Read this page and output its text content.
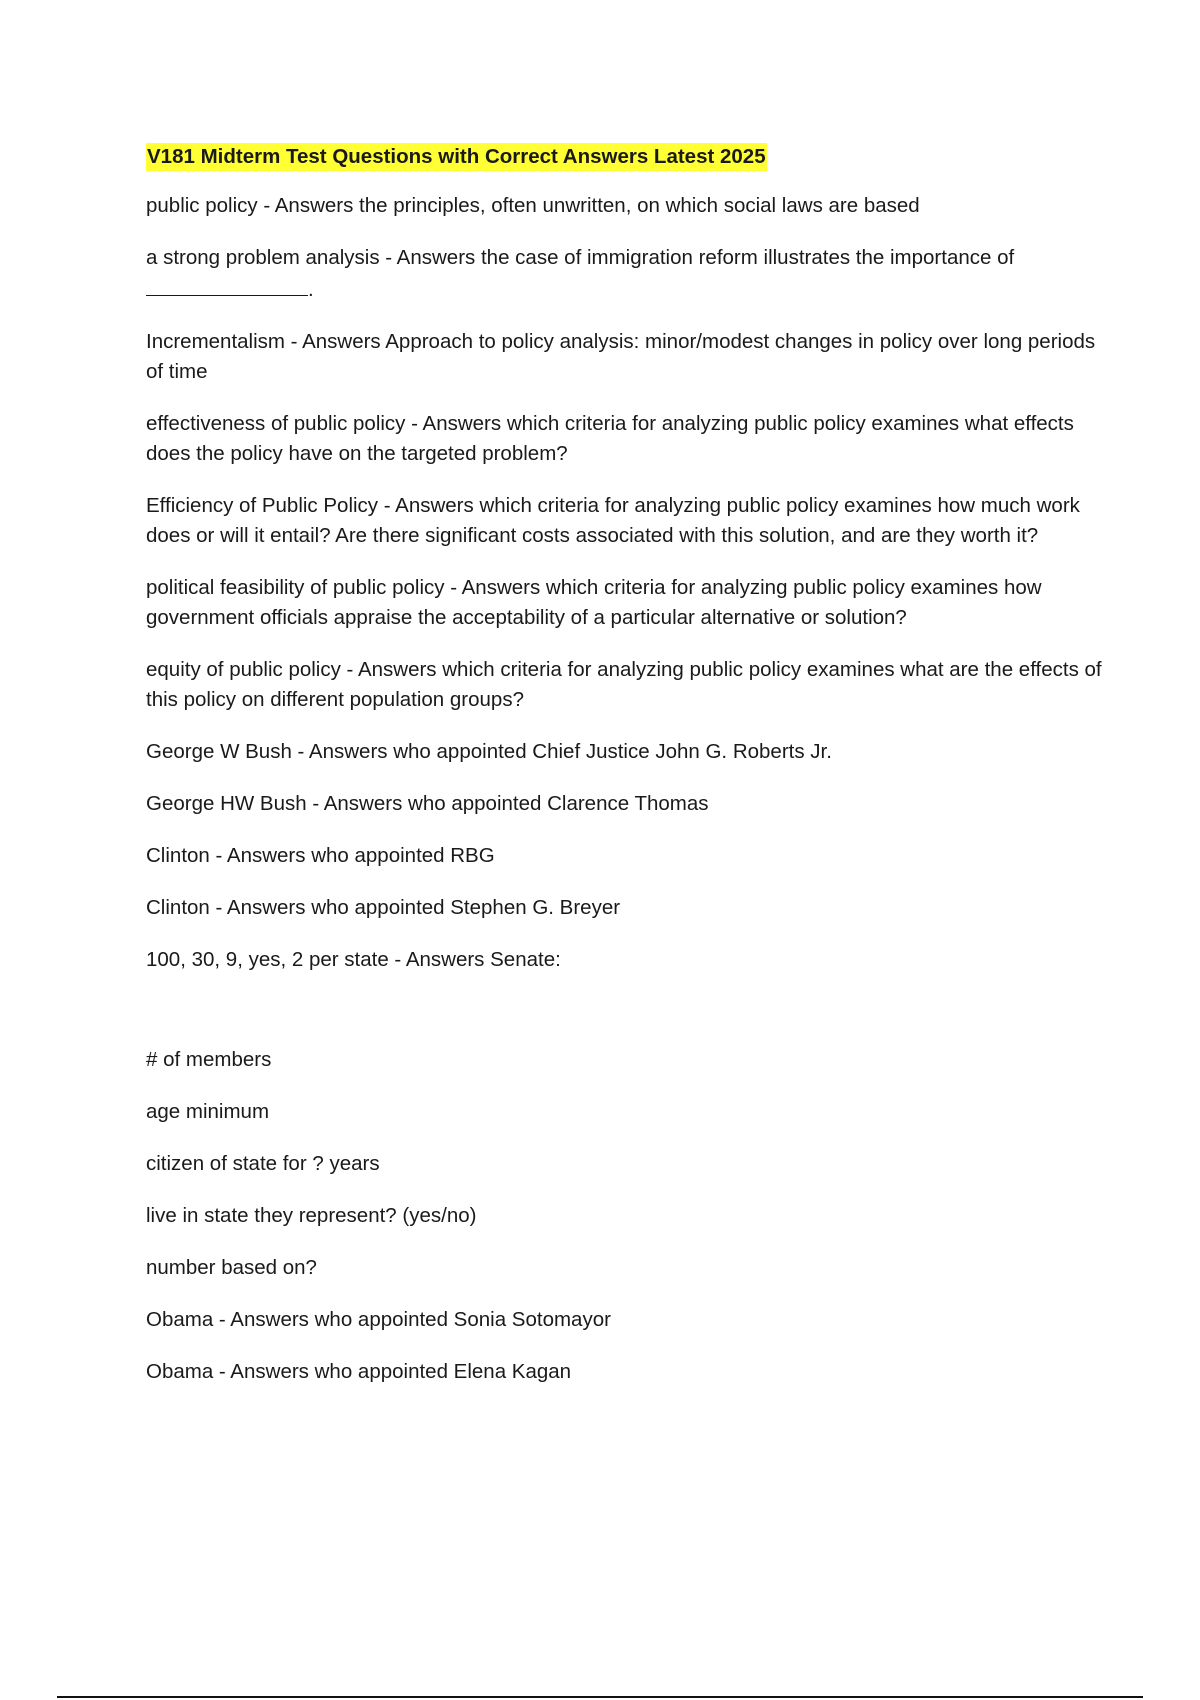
V181 Midterm Test Questions with Correct Answers Latest 2025

public policy - Answers the principles, often unwritten, on which social laws are based

a strong problem analysis - Answers the case of immigration reform illustrates the importance of .

Incrementalism - Answers Approach to policy analysis: minor/modest changes in policy over long periods of time

effectiveness of public policy - Answers which criteria for analyzing public policy examines what effects does the policy have on the targeted problem?

Efficiency of Public Policy - Answers which criteria for analyzing public policy examines how much work does or will it entail? Are there significant costs associated with this solution, and are they worth it?

political feasibility of public policy - Answers which criteria for analyzing public policy examines how government officials appraise the acceptability of a particular alternative or solution?

equity of public policy - Answers which criteria for analyzing public policy examines what are the effects of this policy on different population groups?

George W Bush - Answers who appointed Chief Justice John G. Roberts Jr.

George HW Bush - Answers who appointed Clarence Thomas

Clinton - Answers who appointed RBG

Clinton - Answers who appointed Stephen G. Breyer

100, 30, 9, yes, 2 per state - Answers Senate:

# of members

age minimum

citizen of state for ? years

live in state they represent? (yes/no)

number based on?

Obama - Answers who appointed Sonia Sotomayor

Obama - Answers who appointed Elena Kagan
